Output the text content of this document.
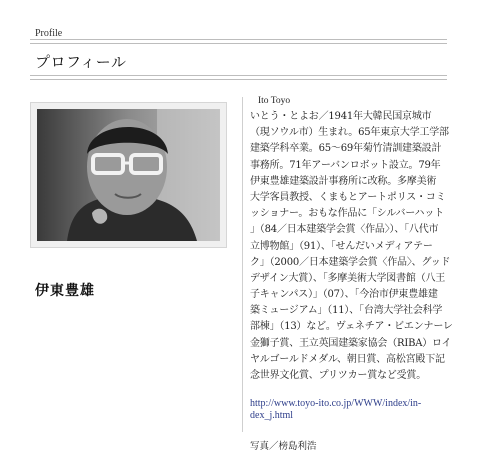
Profile
プロフィール
伊東豊雄
Ito Toyo
いとう・とよお／1941年大韓民国京城市
（現ソウル市）生まれ。65年東京大学工学部
建築学科卒業。65～69年菊竹清訓建築設計
事務所。71年アーバンロボット設立。79年
伊東豊雄建築設計事務所に改称。多摩美術
大学客員教授、くまもとアートポリス・コミ
ッショナー。おもな作品に「シルバーハット
」（84／日本建築学会賞〈作品〉）、「八代市
立博物館」（91）、「せんだいメディアテー
ク」（2000／日本建築学会賞〈作品〉、グッド
デザイン大賞）、「多摩美術大学図書館（八王
子キャンパス）」（07）、「今治市伊東豊雄建
築ミュージアム」（11）、「台湾大学社会科学
部棟」（13）など。ヴェネチア・ビエンナーレ
金獅子賞、王立英国建築家協会（RIBA）ロイ
ヤルゴールドメダル、朝日賞、高松宮殿下記
念世界文化賞、プリツカー賞など受賞。
http://www.toyo-ito.co.jp/WWW/index/in-
dex_j.html
写真／榜島利浩
